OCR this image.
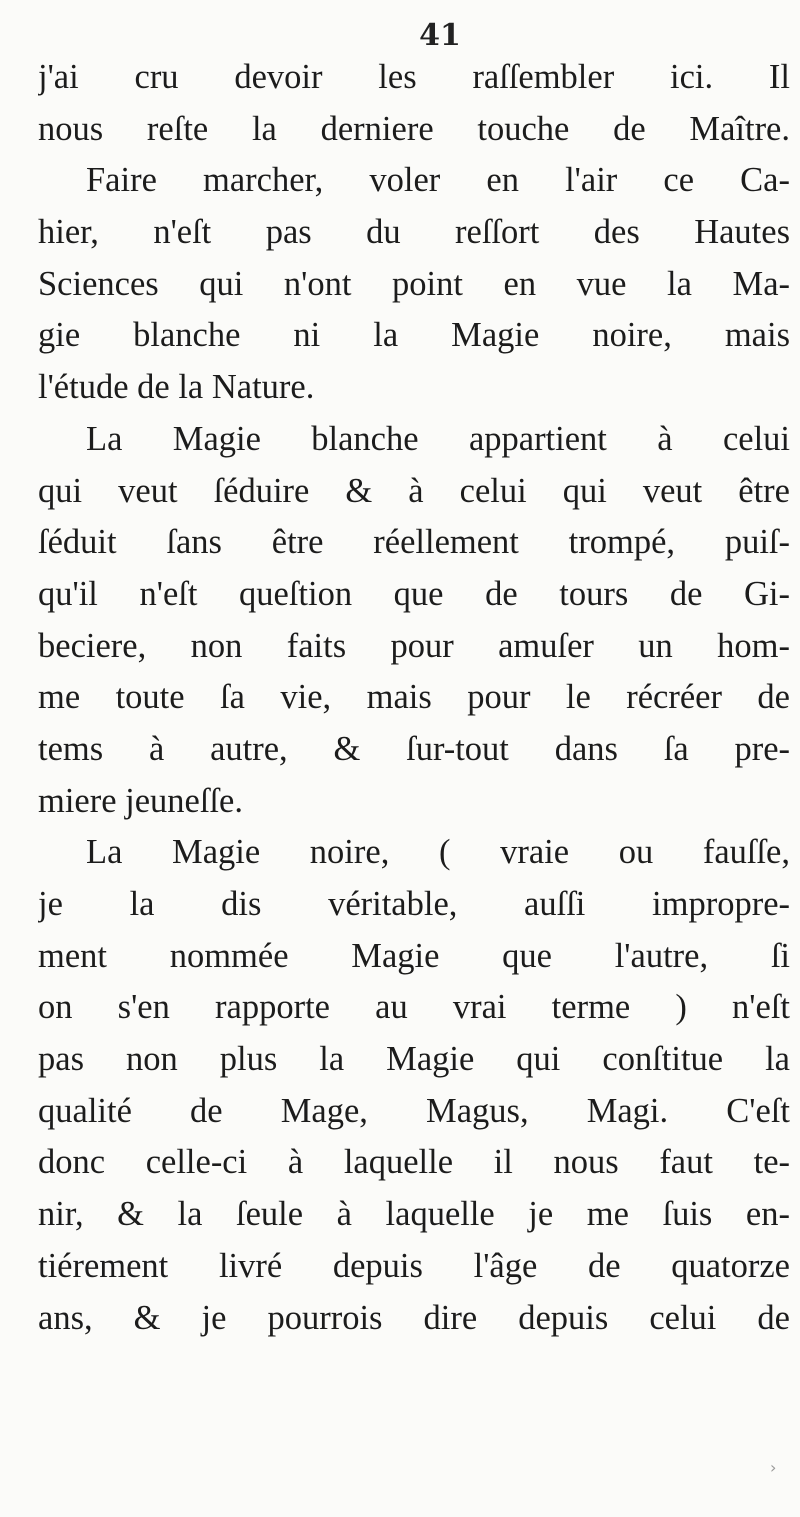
41
j'ai cru devoir les raſſembler ici. Il
nous reſte la derniere touche de Maître.
Faire marcher, voler en l'air ce Ca-
hier, n'eſt pas du reſſort des Hautes
Sciences qui n'ont point en vue la Ma-
gie blanche ni la Magie noire, mais
l'étude de la Nature.
La Magie blanche appartient à celui
qui veut ſéduire & à celui qui veut être
ſéduit ſans être réellement trompé, puiſ-
qu'il n'eſt queſtion que de tours de Gi-
beciere, non faits pour amuſer un hom-
me toute ſa vie, mais pour le récréer de
tems à autre, & ſur-tout dans ſa pre-
miere jeuneſſe.
La Magie noire, ( vraie ou fauſſe,
je la dis véritable, auſſi impropre-
ment nommée Magie que l'autre, ſi
on s'en rapporte au vrai terme ) n'eſt
pas non plus la Magie qui conſtitue la
qualité de Mage, Magus, Magi. C'eſt
donc celle-ci à laquelle il nous faut te-
nir, & la ſeule à laquelle je me ſuis en-
tiérement livré depuis l'âge de quatorze
ans, & je pourrois dire depuis celui de
›
